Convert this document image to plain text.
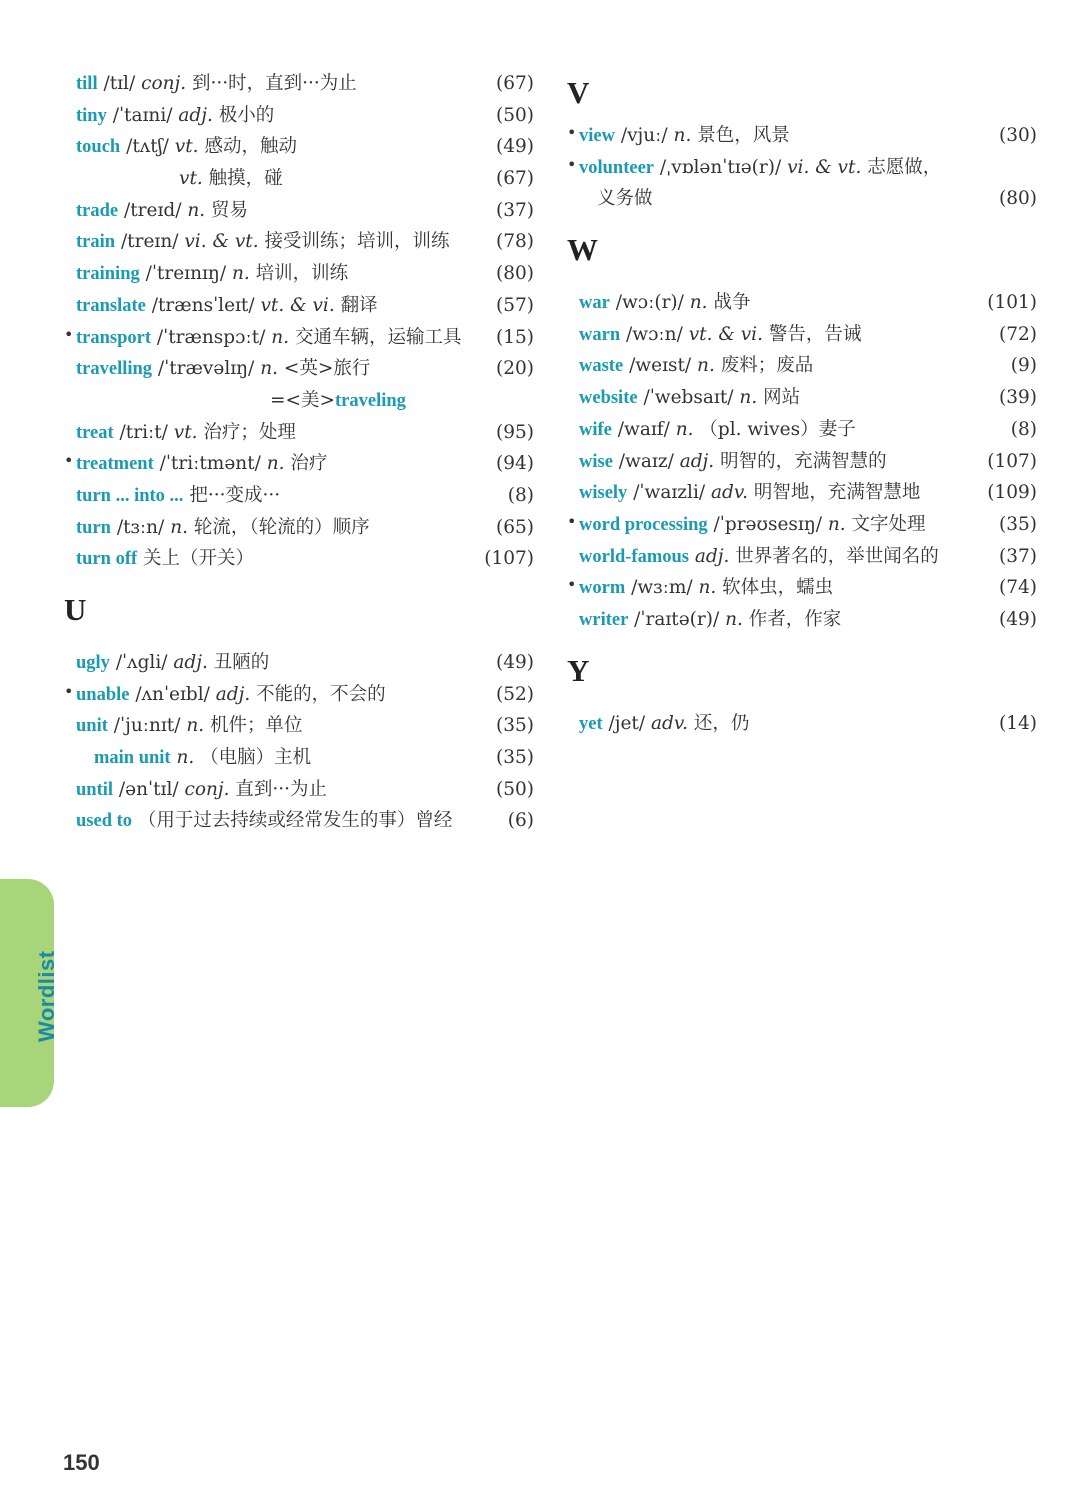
Wordlist
till /tɪl/ conj. 到···时，直到···为止	(67)
tiny /ˈtaɪni/ adj. 极小的	(50)
touch /tʌtʃ/ vt. 感动，触动	(49)
vt. 触摸，碰	(67)
trade /treɪd/ n. 贸易	(37)
train /treɪn/ vi. & vt. 接受训练；培训，训练	(78)
training /ˈtreɪnɪŋ/ n. 培训，训练	(80)
translate /trænsˈleɪt/ vt. & vi. 翻译	(57)
• transport /ˈtrænspɔːt/ n. 交通车辆，运输工具	(15)
travelling /ˈtrævəlɪŋ/ n. <英>旅行	(20)
=<美>traveling
treat /triːt/ vt. 治疗；处理	(95)
• treatment /ˈtriːtmənt/ n. 治疗	(94)
turn ... into ... 把···变成···	(8)
turn /tɜːn/ n. 轮流，（轮流的）顺序	(65)
turn off 关上（开关）	(107)
U
ugly /ˈʌgli/ adj. 丑陋的	(49)
• unable /ʌnˈeɪbl/ adj. 不能的，不会的	(52)
unit /ˈjuːnɪt/ n. 机件；单位	(35)
main unit n. （电脑）主机	(35)
until /ənˈtɪl/ conj. 直到···为止	(50)
used to （用于过去持续或经常发生的事）曾经	(6)
V
• view /vjuː/ n. 景色，风景	(30)
• volunteer /ˌvɒlənˈtɪə(r)/ vi. & vt. 志愿做，
义务做	(80)
W
war /wɔː(r)/ n. 战争	(101)
warn /wɔːn/ vt. & vi. 警告，告诫	(72)
waste /weɪst/ n. 废料；废品	(9)
website /ˈwebsaɪt/ n. 网站	(39)
wife /waɪf/ n. （pl. wives）妻子	(8)
wise /waɪz/ adj. 明智的，充满智慧的	(107)
wisely /ˈwaɪzli/ adv. 明智地，充满智慧地	(109)
• word processing /ˈprəʊsesɪŋ/ n. 文字处理	(35)
world-famous adj. 世界著名的，举世闻名的	(37)
• worm /wɜːm/ n. 软体虫，蠕虫	(74)
writer /ˈraɪtə(r)/ n. 作者，作家	(49)
Y
yet /jet/ adv. 还，仍	(14)
150
